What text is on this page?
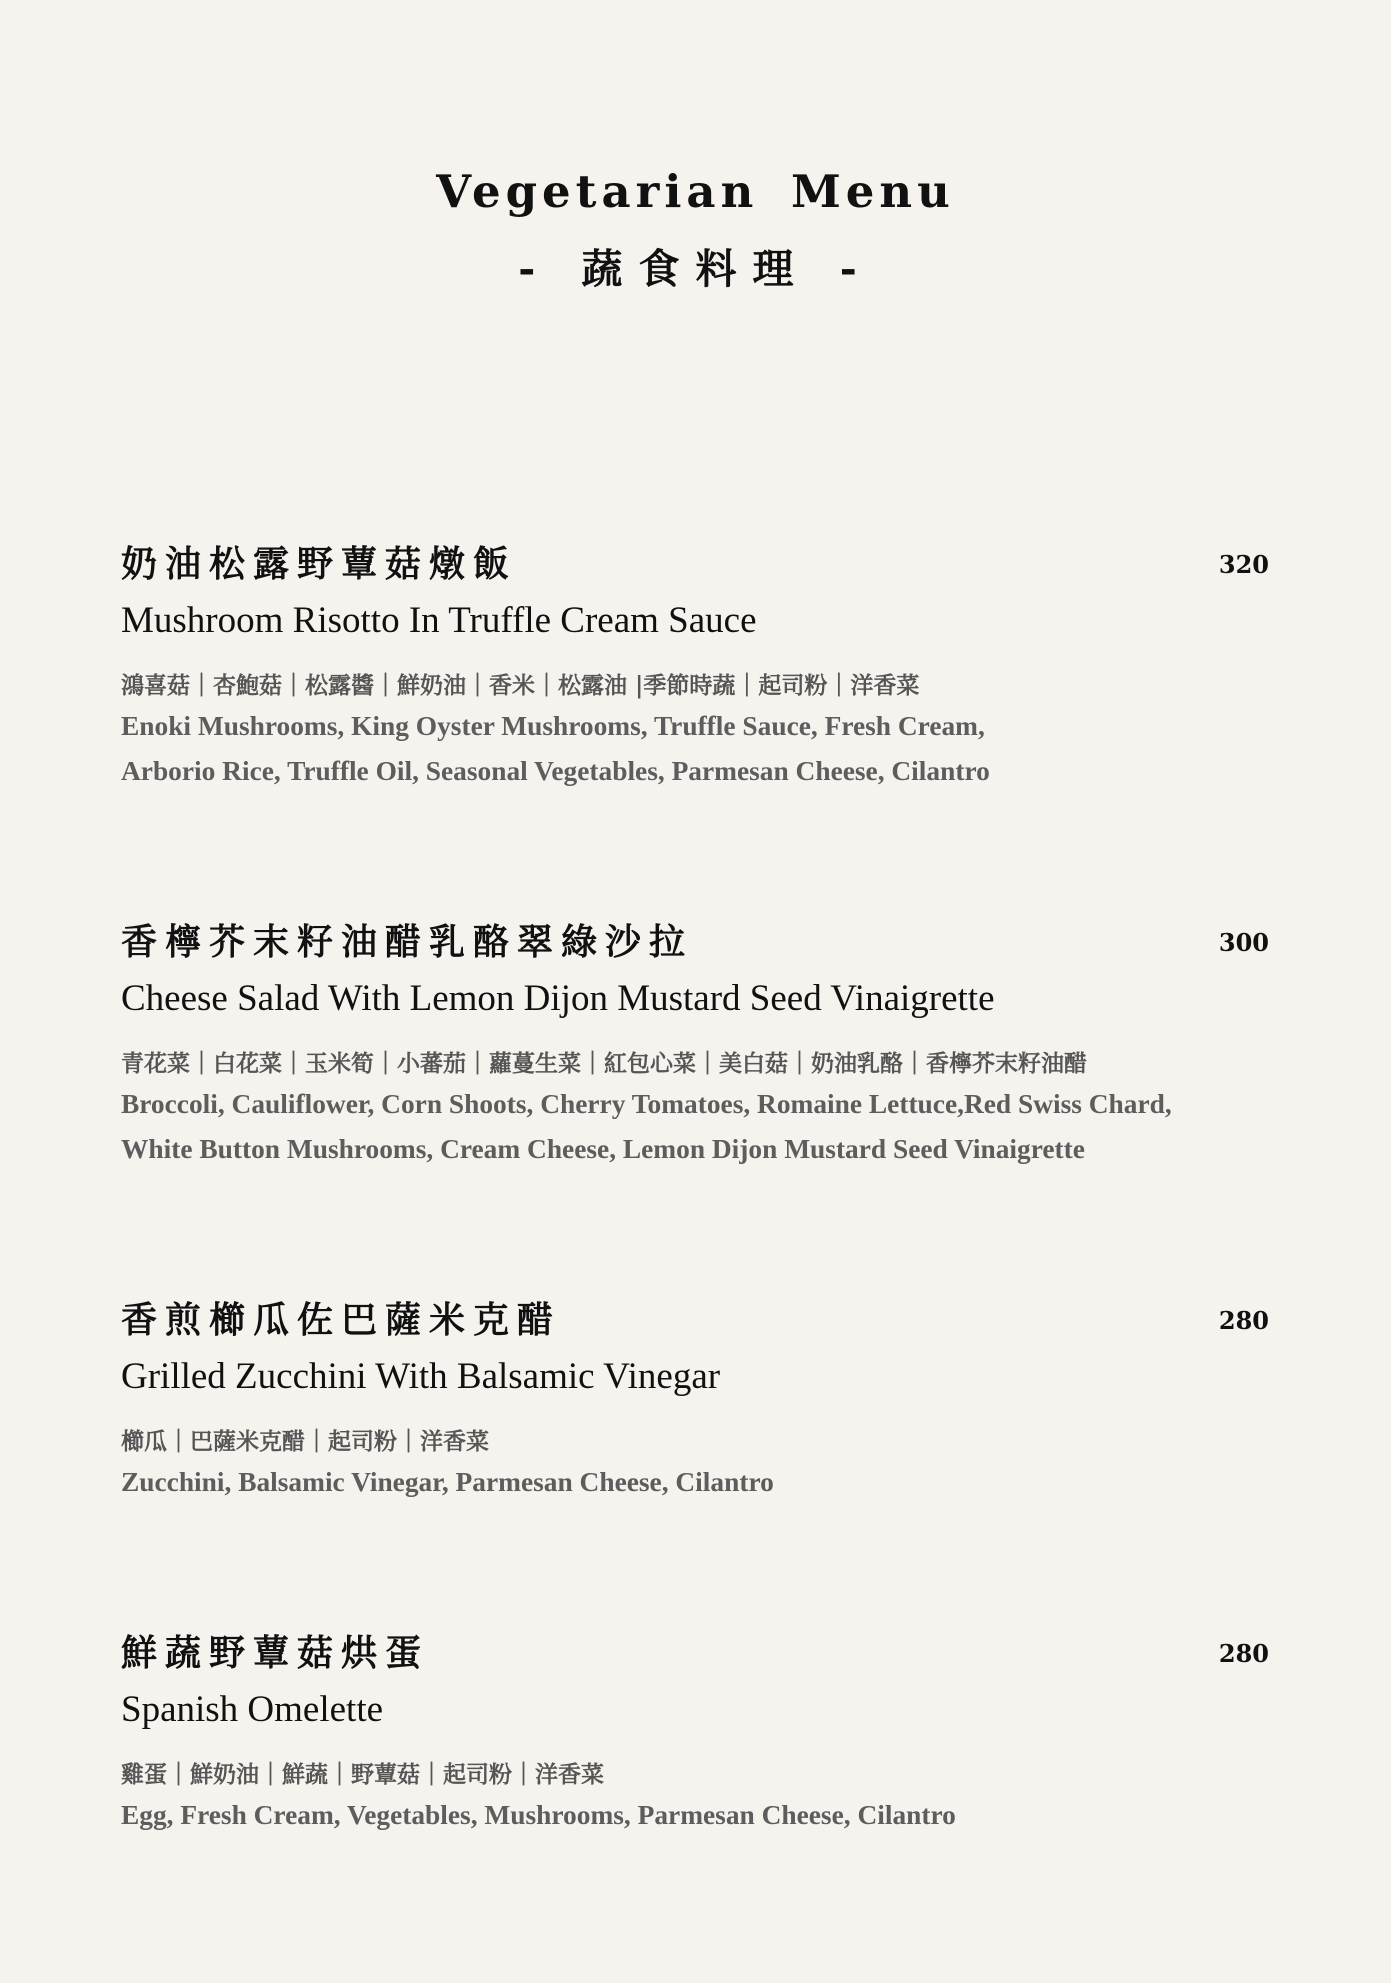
Vegetarian Menu
- 蔬食料理 -
奶油松露野蕈菇燉飯	320
Mushroom Risotto In Truffle Cream Sauce
鴻喜菇｜杏鮑菇｜松露醬｜鮮奶油｜香米｜松露油 |季節時蔬｜起司粉｜洋香菜
Enoki Mushrooms, King Oyster Mushrooms, Truffle Sauce, Fresh Cream,
Arborio Rice, Truffle Oil, Seasonal Vegetables, Parmesan Cheese, Cilantro
香檸芥末籽油醋乳酪翠綠沙拉	300
Cheese Salad With Lemon Dijon Mustard Seed Vinaigrette
青花菜｜白花菜｜玉米筍｜小蕃茄｜蘿蔓生菜｜紅包心菜｜美白菇｜奶油乳酪｜香檸芥末籽油醋
Broccoli, Cauliflower, Corn Shoots, Cherry Tomatoes, Romaine Lettuce,Red Swiss Chard,
White Button Mushrooms, Cream Cheese, Lemon Dijon Mustard Seed Vinaigrette
香煎櫛瓜佐巴薩米克醋	280
Grilled Zucchini With Balsamic Vinegar
櫛瓜｜巴薩米克醋｜起司粉｜洋香菜
Zucchini, Balsamic Vinegar, Parmesan Cheese, Cilantro
鮮蔬野蕈菇烘蛋	280
Spanish Omelette
雞蛋｜鮮奶油｜鮮蔬｜野蕈菇｜起司粉｜洋香菜
Egg, Fresh Cream, Vegetables, Mushrooms, Parmesan Cheese, Cilantro
